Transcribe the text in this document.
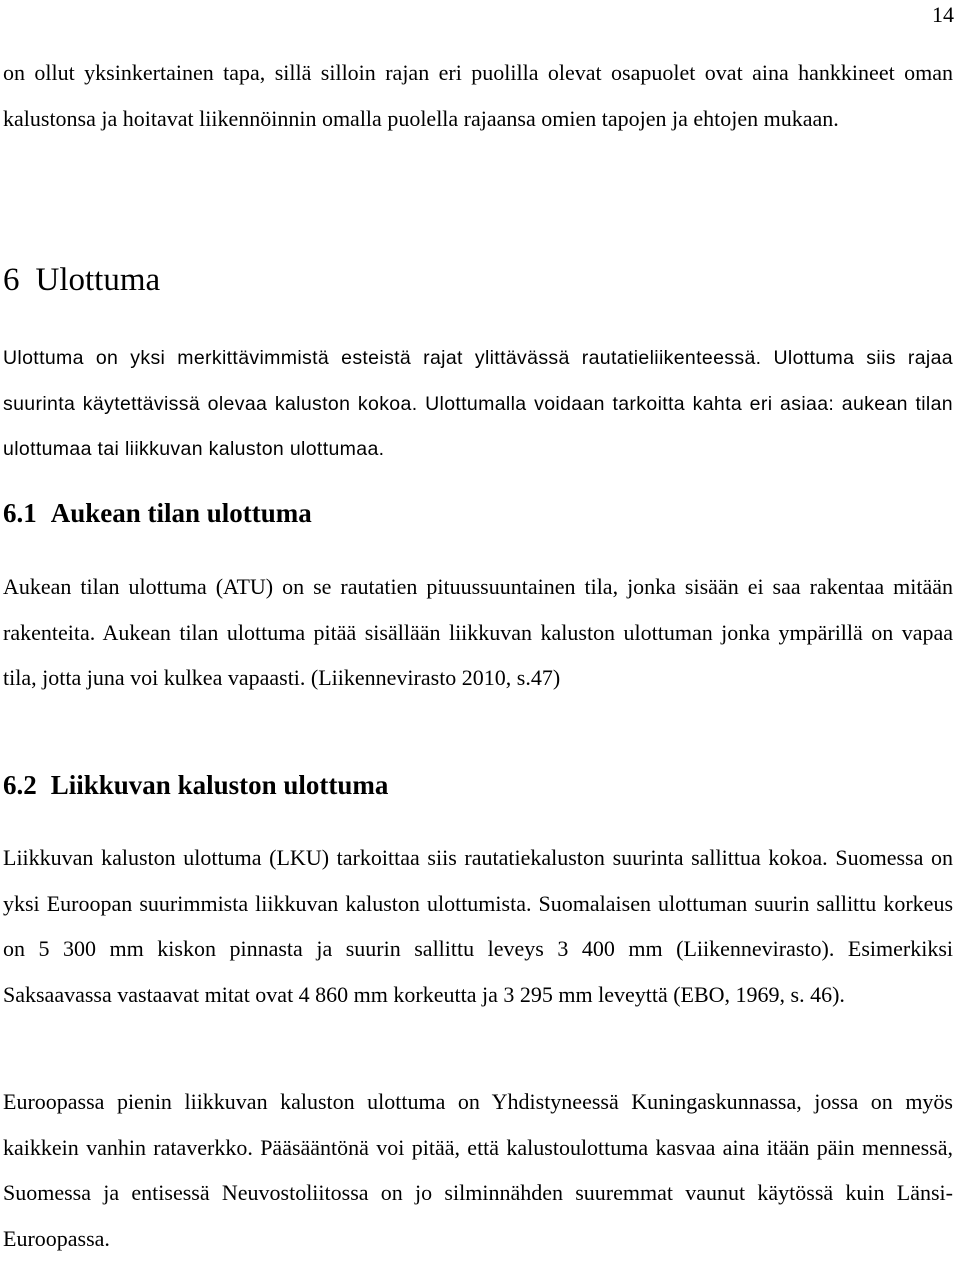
14

on ollut yksinkertainen tapa, sillä silloin rajan eri puolilla olevat osapuolet ovat aina hankkineet oman kalustonsa ja hoitavat liikennöinnin omalla puolella rajaansa omien tapojen ja ehtojen mukaan.

6 Ulottuma

Ulottuma on yksi merkittävimmistä esteistä rajat ylittävässä rautatieliikenteessä. Ulottuma siis rajaa suurinta käytettävissä olevaa kaluston kokoa. Ulottumalla voidaan tarkoitta kahta eri asiaa: aukean tilan ulottumaa tai liikkuvan kaluston ulottumaa.

6.1 Aukean tilan ulottuma

Aukean tilan ulottuma (ATU) on se rautatien pituussuuntainen tila, jonka sisään ei saa rakentaa mitään rakenteita. Aukean tilan ulottuma pitää sisällään liikkuvan kaluston ulottuman jonka ympärillä on vapaa tila, jotta juna voi kulkea vapaasti. (Liikennevirasto 2010, s.47)

6.2 Liikkuvan kaluston ulottuma

Liikkuvan kaluston ulottuma (LKU) tarkoittaa siis rautatiekaluston suurinta sallittua kokoa. Suomessa on yksi Euroopan suurimmista liikkuvan kaluston ulottumista. Suomalaisen ulottuman suurin sallittu korkeus on 5 300 mm kiskon pinnasta ja suurin sallittu leveys 3 400 mm (Liikennevirasto). Esimerkiksi Saksaavassa vastaavat mitat ovat 4 860 mm korkeutta ja 3 295 mm leveyttä (EBO, 1969, s. 46).

Euroopassa pienin liikkuvan kaluston ulottuma on Yhdistyneessä Kuningaskunnassa, jossa on myös kaikkein vanhin rataverkko. Pääsääntönä voi pitää, että kalustoulottuma kasvaa aina itään päin mennessä, Suomessa ja entisessä Neuvostoliitossa on jo silminnähden suuremmat vaunut käytössä kuin Länsi-Euroopassa.
